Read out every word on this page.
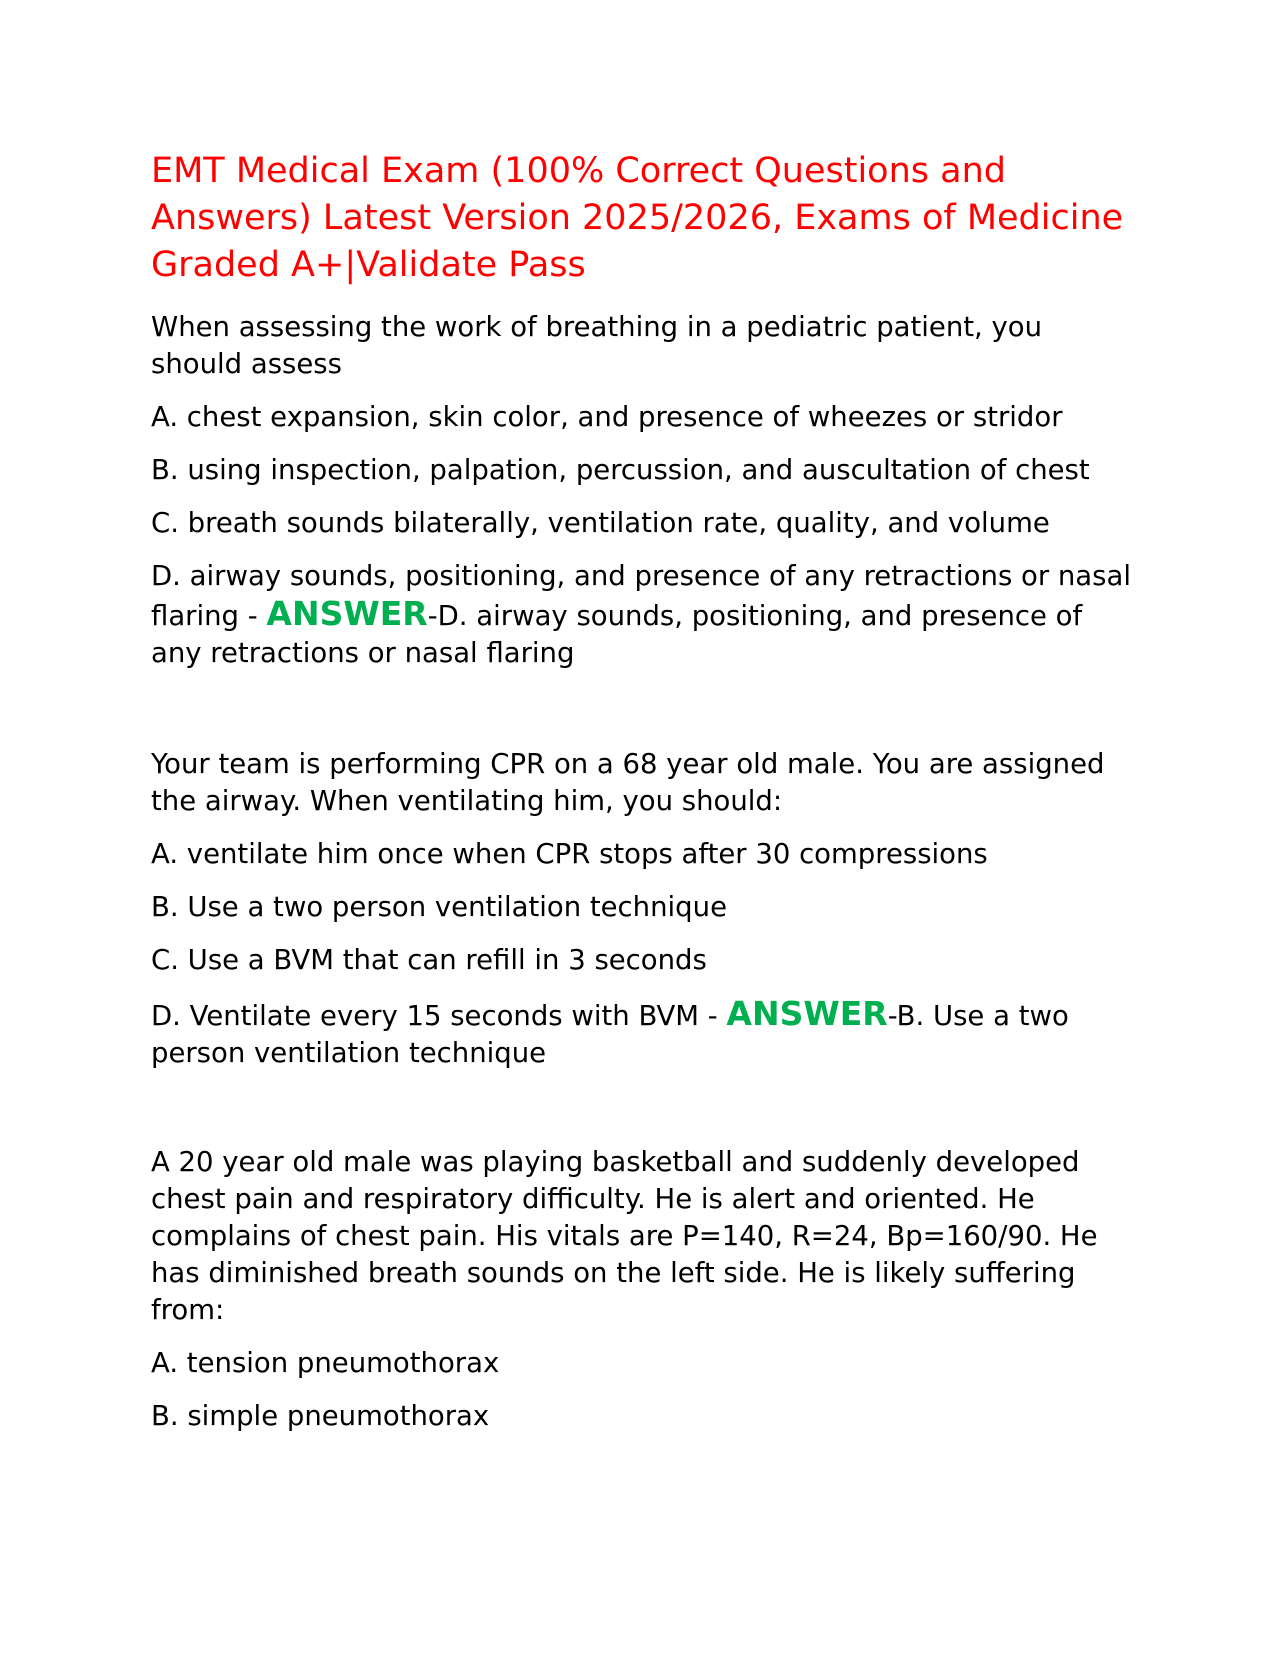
EMT Medical Exam (100% Correct Questions and Answers) Latest Version 2025/2026, Exams of Medicine Graded A+|Validate Pass

When assessing the work of breathing in a pediatric patient, you should assess

A. chest expansion, skin color, and presence of wheezes or stridor

B. using inspection, palpation, percussion, and auscultation of chest

C. breath sounds bilaterally, ventilation rate, quality, and volume

D. airway sounds, positioning, and presence of any retractions or nasal flaring - ANSWER-D. airway sounds, positioning, and presence of any retractions or nasal flaring

Your team is performing CPR on a 68 year old male. You are assigned the airway. When ventilating him, you should:

A. ventilate him once when CPR stops after 30 compressions

B. Use a two person ventilation technique

C. Use a BVM that can refill in 3 seconds

D. Ventilate every 15 seconds with BVM - ANSWER-B. Use a two person ventilation technique

A 20 year old male was playing basketball and suddenly developed chest pain and respiratory difficulty. He is alert and oriented. He complains of chest pain. His vitals are P=140, R=24, Bp=160/90. He has diminished breath sounds on the left side. He is likely suffering from:

A. tension pneumothorax

B. simple pneumothorax
